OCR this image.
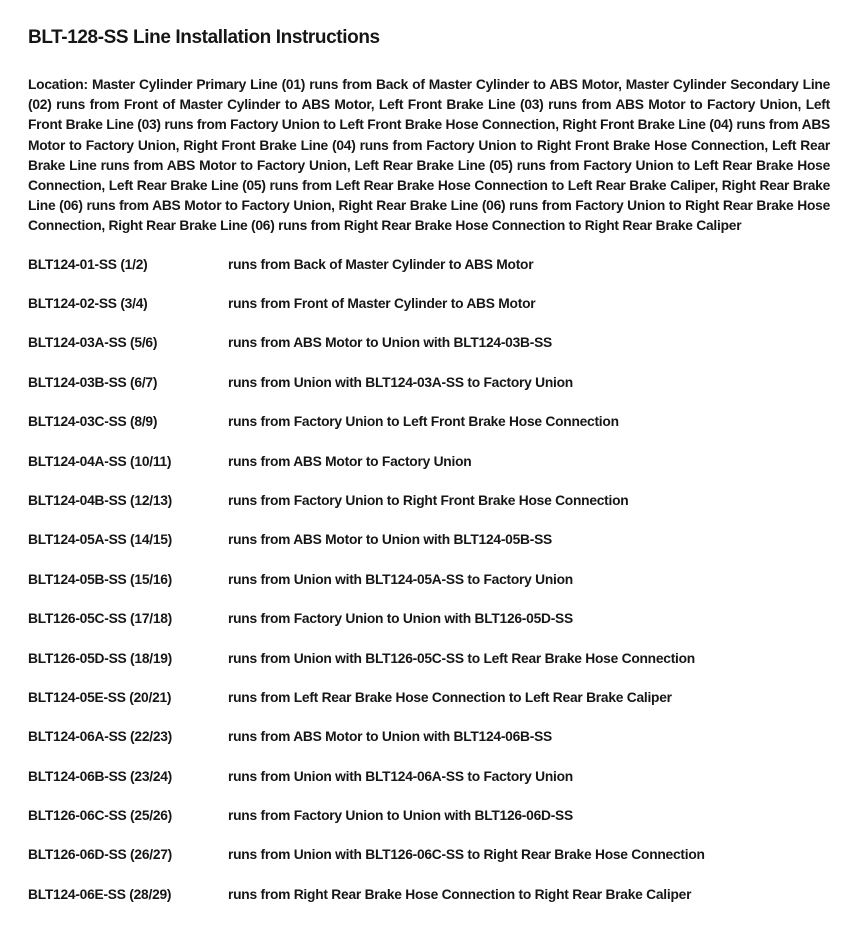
BLT-128-SS Line Installation Instructions

Location: Master Cylinder Primary Line (01) runs from Back of Master Cylinder to ABS Motor, Master Cylinder Secondary Line (02) runs from Front of Master Cylinder to ABS Motor, Left Front Brake Line (03) runs from ABS Motor to Factory Union, Left Front Brake Line (03) runs from Factory Union to Left Front Brake Hose Connection, Right Front Brake Line (04) runs from ABS Motor to Factory Union, Right Front Brake Line (04) runs from Factory Union to Right Front Brake Hose Connection, Left Rear Brake Line runs from ABS Motor to Factory Union, Left Rear Brake Line (05) runs from Factory Union to Left Rear Brake Hose Connection, Left Rear Brake Line (05) runs from Left Rear Brake Hose Connection to Left Rear Brake Caliper, Right Rear Brake Line (06) runs from ABS Motor to Factory Union, Right Rear Brake Line (06) runs from Factory Union to Right Rear Brake Hose Connection, Right Rear Brake Line (06) runs from Right Rear Brake Hose Connection to Right Rear Brake Caliper

BLT124-01-SS (1/2)	runs from Back of Master Cylinder to ABS Motor
BLT124-02-SS (3/4)	runs from Front of Master Cylinder to ABS Motor
BLT124-03A-SS (5/6)	runs from ABS Motor to Union with BLT124-03B-SS
BLT124-03B-SS (6/7)	runs from Union with BLT124-03A-SS to Factory Union
BLT124-03C-SS (8/9)	runs from Factory Union to Left Front Brake Hose Connection
BLT124-04A-SS (10/11)	runs from ABS Motor to Factory Union
BLT124-04B-SS (12/13)	runs from Factory Union to Right Front Brake Hose Connection
BLT124-05A-SS (14/15)	runs from ABS Motor to Union with BLT124-05B-SS
BLT124-05B-SS (15/16)	runs from Union with BLT124-05A-SS to Factory Union
BLT126-05C-SS (17/18)	runs from Factory Union to Union with BLT126-05D-SS
BLT126-05D-SS (18/19)	runs from Union with BLT126-05C-SS to Left Rear Brake Hose Connection
BLT124-05E-SS (20/21)	runs from Left Rear Brake Hose Connection to Left Rear Brake Caliper
BLT124-06A-SS (22/23)	runs from ABS Motor to Union with BLT124-06B-SS
BLT124-06B-SS (23/24)	runs from Union with BLT124-06A-SS to Factory Union
BLT126-06C-SS (25/26)	runs from Factory Union to Union with BLT126-06D-SS
BLT126-06D-SS (26/27)	runs from Union with BLT126-06C-SS to Right Rear Brake Hose Connection
BLT124-06E-SS (28/29)	runs from Right Rear Brake Hose Connection to Right Rear Brake Caliper
